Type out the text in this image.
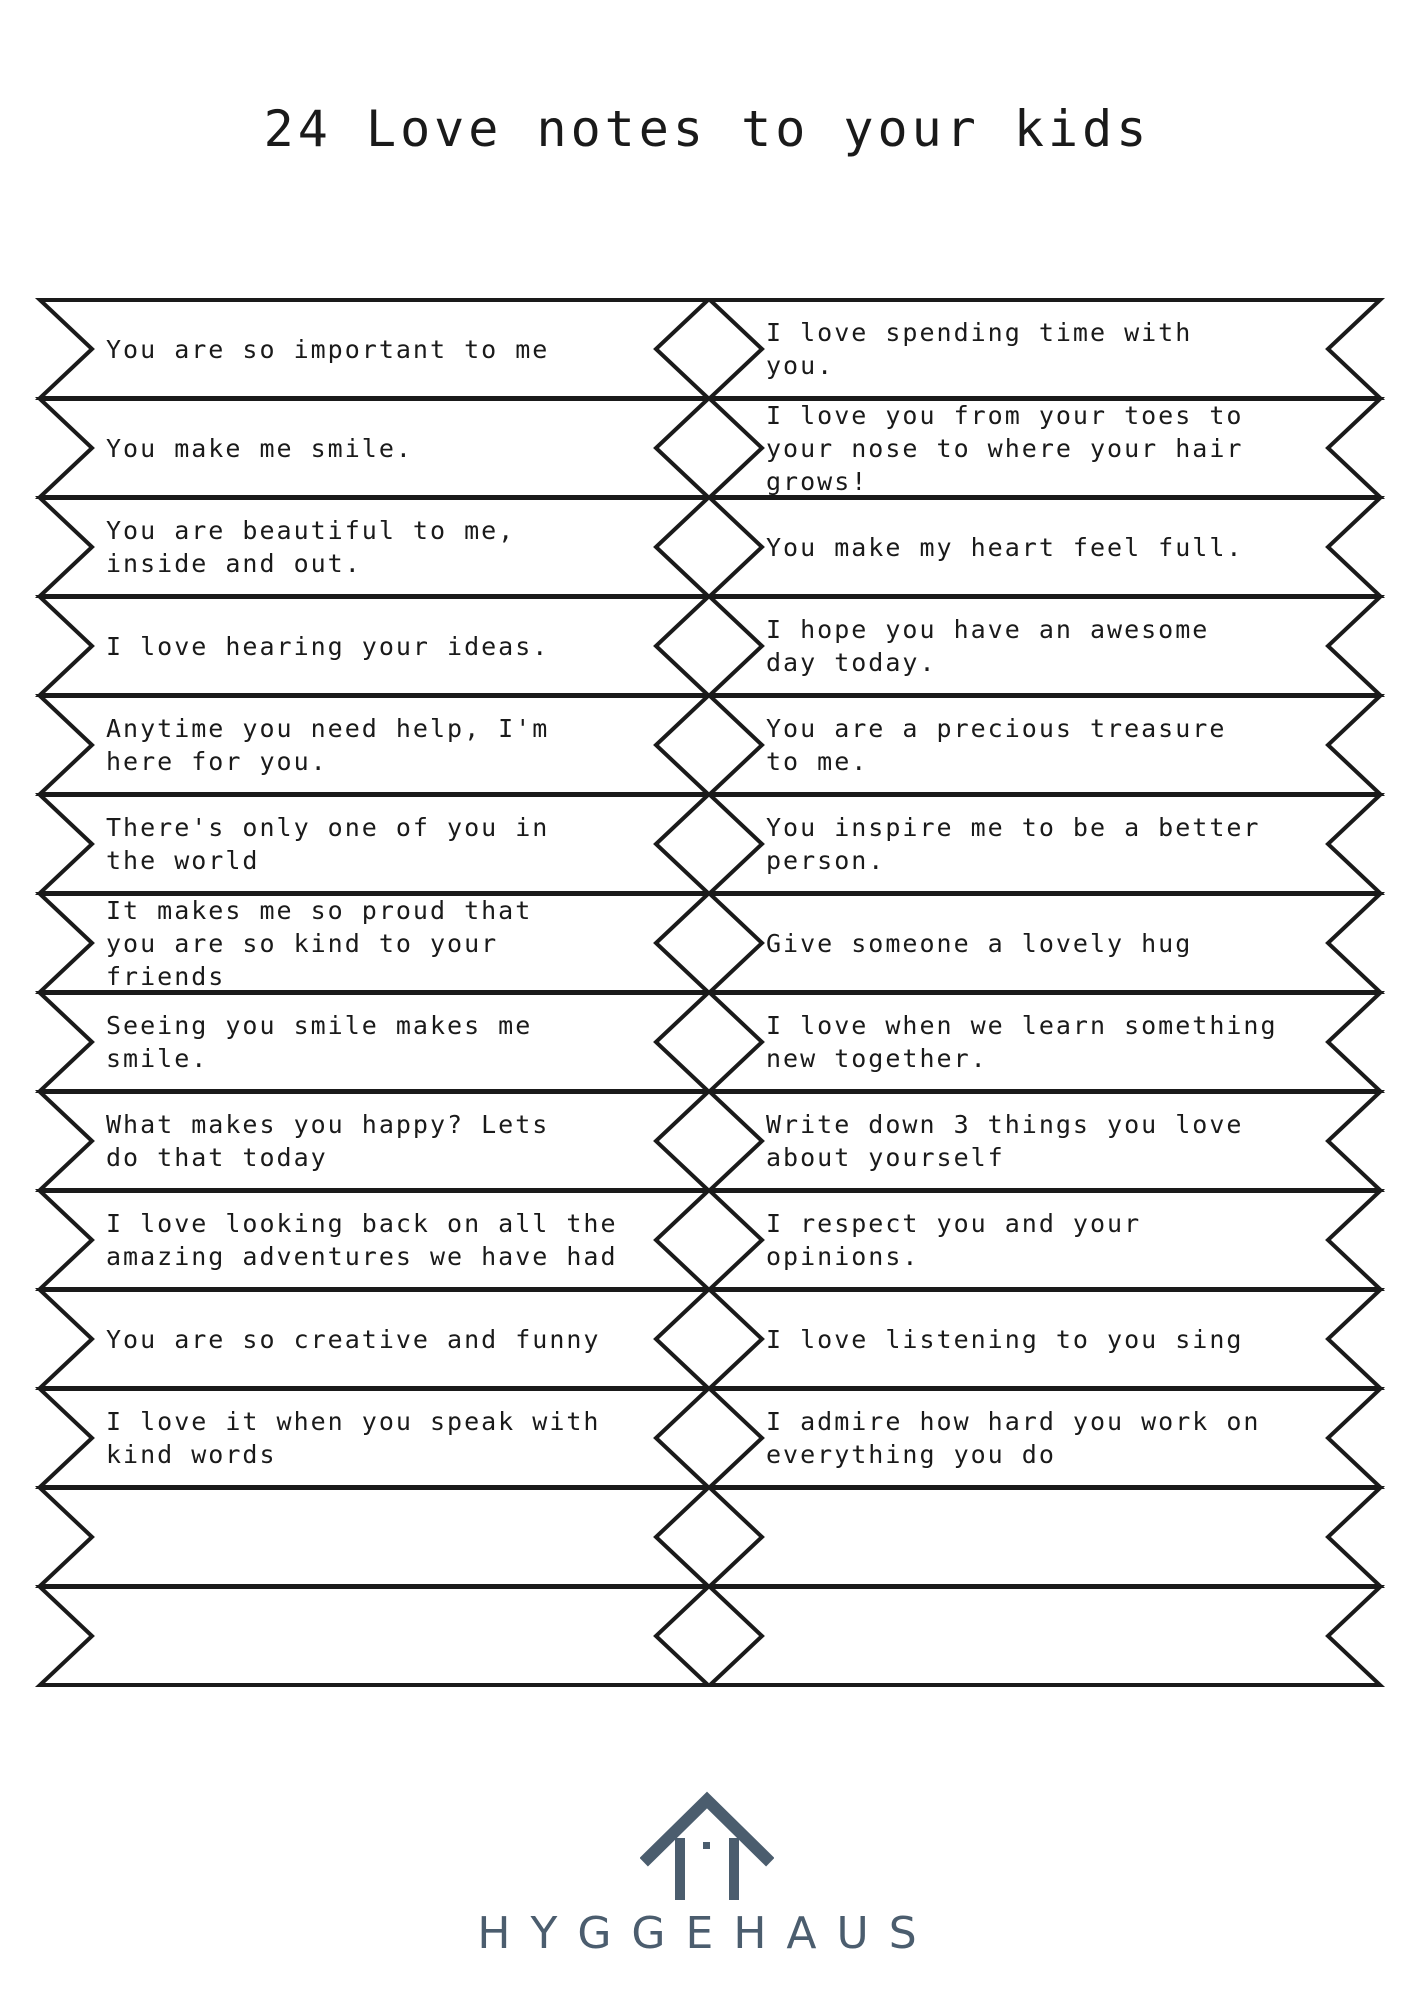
24 Love notes to your kids
You are so important to me
You make me smile.
You are beautiful to me,
inside and out.
I love hearing your ideas.
Anytime you need help, I'm
here for you.
There's only one of you in
the world
It makes me so proud that
you are so kind to your
friends
Seeing you smile makes me
smile.
What makes you happy? Lets
do that today
I love looking back on all the
amazing adventures we have had
You are so creative and funny
I love it when you speak with
kind words
I love spending time with
you.
I love you from your toes to
your nose to where your hair
grows!
You make my heart feel full.
I hope you have an awesome
day today.
You are a precious treasure
to me.
You inspire me to be a better
person.
Give someone a lovely hug
I love when we learn something
new together.
Write down 3 things you love
about yourself
I respect you and your
opinions.
I love listening to you sing
I admire how hard you work on
everything you do
HYGGEHAUS
